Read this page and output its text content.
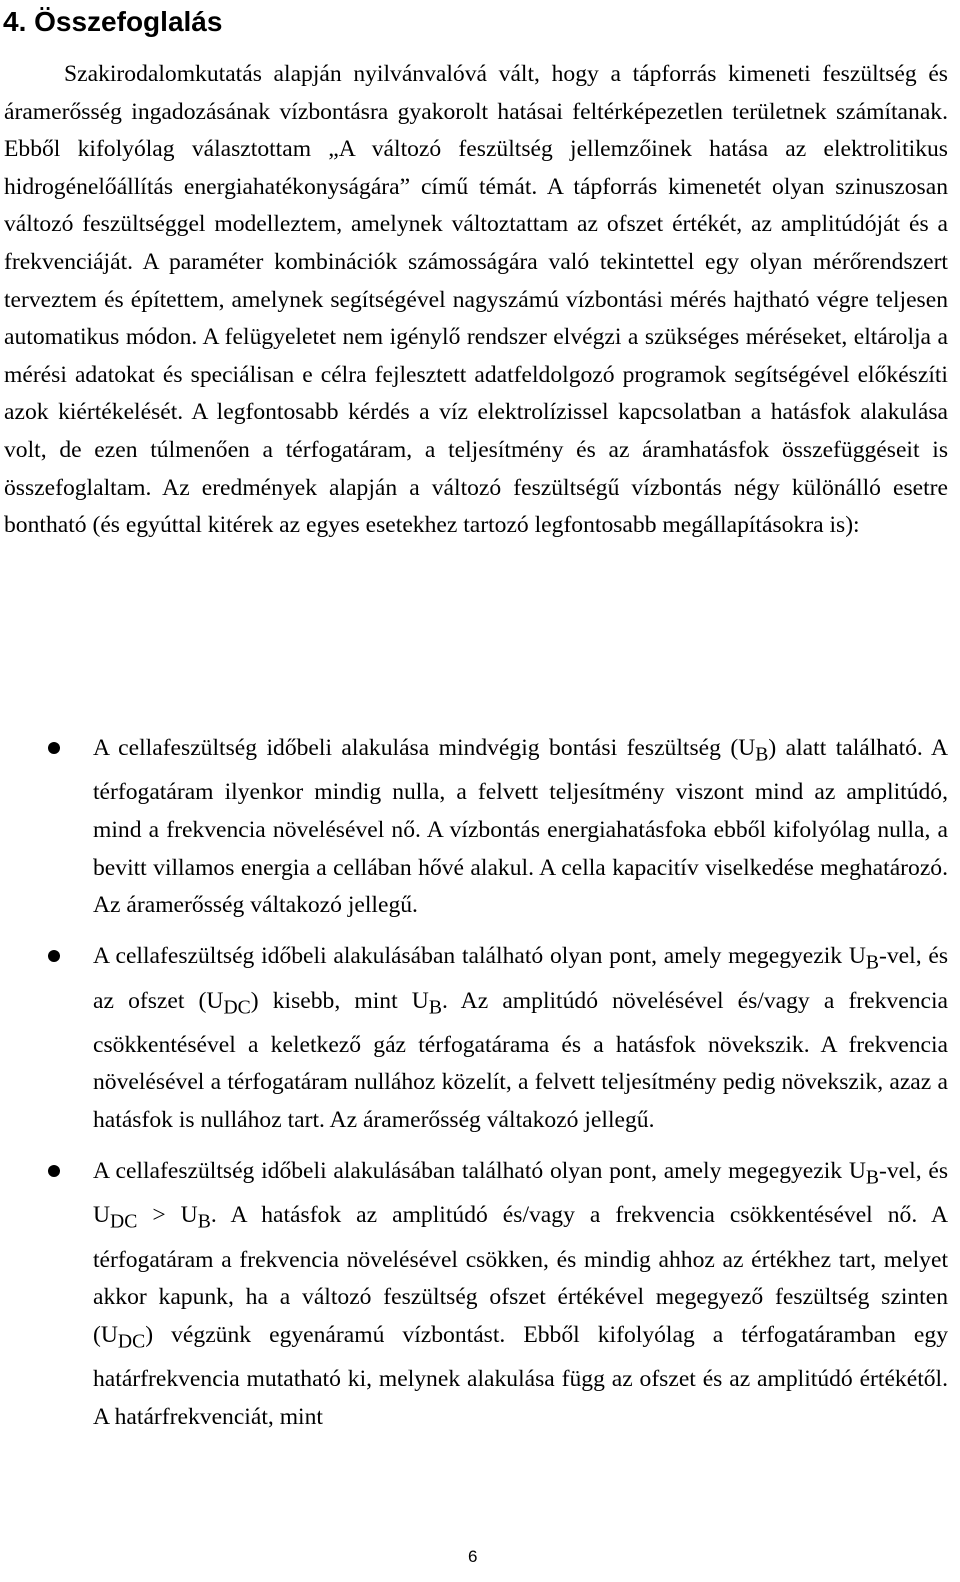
4. Összefoglalás

Szakirodalomkutatás alapján nyilvánvalóvá vált, hogy a tápforrás kimeneti feszültség és áramerősség ingadozásának vízbontásra gyakorolt hatásai feltérképezetlen területnek számítanak. Ebből kifolyólag választottam „A változó feszültség jellemzőinek hatása az elektrolitikus hidrogénelőállítás energiahatékonyságára” című témát. A tápforrás kimenetét olyan szinuszosan változó feszültséggel modelleztem, amelynek változtattam az ofszet értékét, az amplitúdóját és a frekvenciáját. A paraméter kombinációk számosságára való tekintettel egy olyan mérőrendszert terveztem és építettem, amelynek segítségével nagyszámú vízbontási mérés hajtható végre teljesen automatikus módon. A felügyeletet nem igénylő rendszer elvégzi a szükséges méréseket, eltárolja a mérési adatokat és speciálisan e célra fejlesztett adatfeldolgozó programok segítségével előkészíti azok kiértékelését. A legfontosabb kérdés a víz elektrolízissel kapcsolatban a hatásfok alakulása volt, de ezen túlmenően a térfogatáram, a teljesítmény és az áramhatásfok összefüggéseit is összefoglaltam. Az eredmények alapján a változó feszültségű vízbontás négy különálló esetre bontható (és egyúttal kitérek az egyes esetekhez tartozó legfontosabb megállapításokra is):

A cellafeszültség időbeli alakulása mindvégig bontási feszültség $(U_B)$ alatt található. A térfogatáram ilyenkor mindig nulla, a felvett teljesítmény viszont mind az amplitúdó, mind a frekvencia növelésével nő. A vízbontás energiahatásfoka ebből kifolyólag nulla, a bevitt villamos energia a cellában hővé alakul. A cella kapacitív viselkedése meghatározó. Az áramerősség váltakozó jellegű.
A cellafeszültség időbeli alakulásában található olyan pont, amely megegyezik $U_B$-vel, és az ofszet $(U_{DC})$ kisebb, mint $U_B$. Az amplitúdó növelésével és/vagy a frekvencia csökkentésével a keletkező gáz térfogatárama és a hatásfok növekszik. A frekvencia növelésével a térfogatáram nullához közelít, a felvett teljesítmény pedig növekszik, azaz a hatásfok is nullához tart. Az áramerősség váltakozó jellegű.
A cellafeszültség időbeli alakulásában található olyan pont, amely megegyezik $U_B$-vel, és $U_{DC} > U_B$. A hatásfok az amplitúdó és/vagy a frekvencia csökkentésével nő. A térfogatáram a frekvencia növelésével csökken, és mindig ahhoz az értékhez tart, melyet akkor kapunk, ha a változó feszültség ofszet értékével megegyező feszültség szinten $(U_{DC})$ végzünk egyenáramú vízbontást. Ebből kifolyólag a térfogatáramban egy határfrekvencia mutatható ki, melynek alakulása függ az ofszet és az amplitúdó értékétől. A határfrekvenciát, mint
6
